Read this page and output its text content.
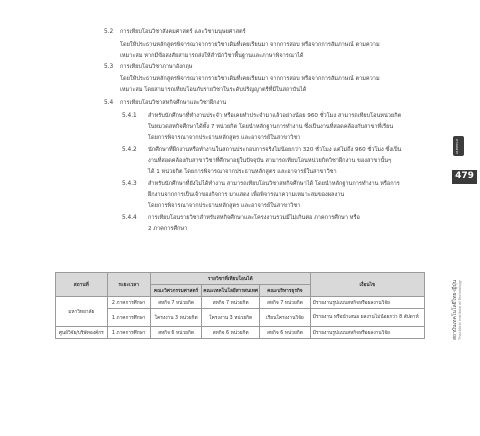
5.2 การเทียบโอนวิชาสังคมศาสตร์ และวิชามนุษยศาสตร์
โดยให้ประธานหลักสูตรพิจารณาจากรายวิชาเดิมที่เคยเรียนมา จากการสอบ หรือจากการสัมภาษณ์ ตามความ
เหมาะสม หากมีข้อสงสัยสามารถส่งให้สำนักวิชาพื้นฐานและภาษาพิจารณาได้
5.3 การเทียบโอนวิชาภาษาอังกฤษ
โดยให้ประธานหลักสูตรพิจารณาจากรายวิชาเดิมที่เคยเรียนมา จากการสอบ หรือจากการสัมภาษณ์ ตามความ
เหมาะสม โดยสามารถเทียบโอนกับรายวิชาในระดับปริญญาตรีที่มีในสถาบันได้
5.4 การเทียบโอนวิชาสหกิจศึกษาและวิชาฝึกงาน
5.4.1 สำหรับนักศึกษาที่ทำงานประจำ หรือเคยทำประจำมาแล้วอย่างน้อย 960 ชั่วโมง สามารถเทียบโอนหน่วยกิต
ในหมวดสหกิจศึกษาได้ทั้ง 7 หน่วยกิต โดยนำหลักฐานการทำงาน ซึ่งเป็นงานที่สอดคล้องกับสาขาที่เรียน
โดยการพิจารณาจากประธานหลักสูตร และอาจารย์ในสาขาวิชา
5.4.2 นักศึกษาที่ฝึกงานหรือทำงานในสถานประกอบการจริงไม่น้อยกว่า 320 ชั่วโมง แต่ไม่ถึง 960 ชั่วโมง ซึ่งเป็น
งานที่สอดคล้องกับสาขาวิชาที่ศึกษาอยู่ในปัจจุบัน สามารถเทียบโอนหน่วยกิตวิชาฝึกงาน ของสาขานั้นๆ
ได้ 1 หน่วยกิต โดยการพิจารณาจากประธานหลักสูตร และอาจารย์ในสาขาวิชา
5.4.3 สำหรับนักศึกษาที่ยังไม่ได้ทำงาน สามารถเทียบโอนวิชาสหกิจศึกษาได้ โดยนำหลักฐานการทำงาน หรือการ
ฝึกงานจากการเป็นเจ้าของกิจการ มาแสดง เพื่อพิจารณาความเหมาะสมของผลงาน
โดยการพิจารณาจากประธานหลักสูตร และอาจารย์ในสาขาวิชา
5.4.4 การเทียบโอนรายวิชาสำหรับสหกิจศึกษาและโครงงานรวมมีไม่เกินต่อ ภาคการศึกษา หรือ
2 ภาคการศึกษา
สถานที่	ระยะเวลา	รายวิชาที่เทียบโอนได้			เงื่อนไข
		คณะวิศวกรรมศาสตร์	คณะเทคโนโลยีสารสนเทศ	คณะบริหารธุรกิจ	
มหาวิทยาลัย	2 ภาคการศึกษา	สหกิจ 7 หน่วยกิต	สหกิจ 7 หน่วยกิต	สหกิจ 7 หน่วยกิต	มีรายงานรูปแบบสหกิจหรือผลงานวิจัย
	1 ภาคการศึกษา	โครงงาน 3 หน่วยกิต	โครงงาน 3 หน่วยกิต	เรียนโครงงานวิจัย	มีรายงาน หรือนำเสนอ ผลงานไม่น้อยกว่า 8 สัปดาห์
ศูนย์วิจัย/บริษัทองค์กร	1 ภาคการศึกษา	สหกิจ 6 หน่วยกิต	สหกิจ 6 หน่วยกิต	สหกิจ 6 หน่วยกิต	มีรายงานรูปแบบสหกิจหรือผลงานวิจัย
ภาคผนวก
479
สถาบันเทคโนโลยีไทย-ญี่ปุ่น Thai-Nichi Institute of Technology
